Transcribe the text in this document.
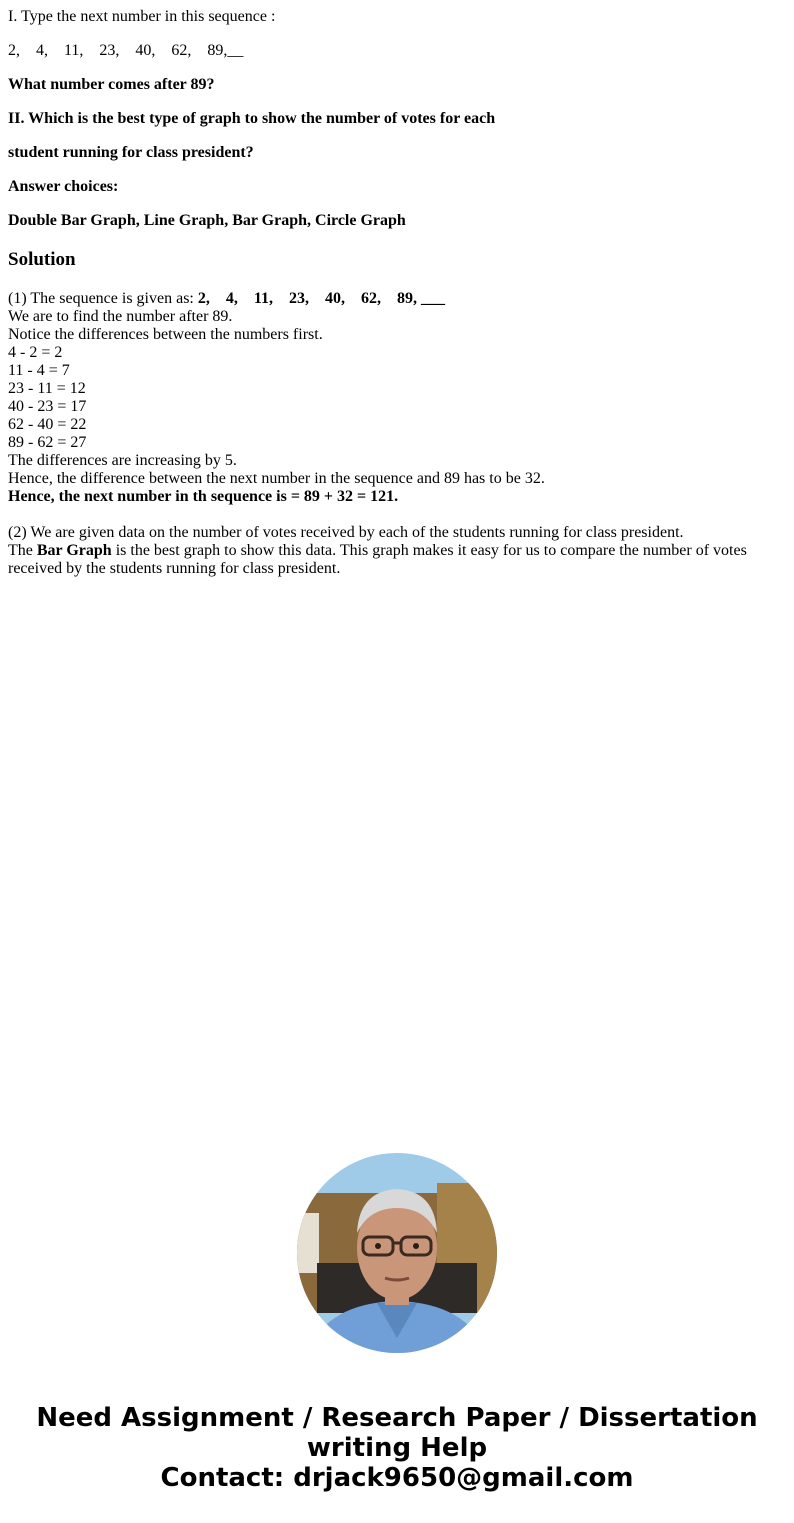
I. Type the next number in this sequence :
2,    4,    11,    23,    40,    62,    89,__
What number comes after 89?
II. Which is the best type of graph to show the number of votes for each
student running for class president?
Answer choices:
Double Bar Graph, Line Graph, Bar Graph, Circle Graph
Solution
(1) The sequence is given as: 2,    4,    11,    23,    40,    62,    89, ___
We are to find the number after 89.
Notice the differences between the numbers first.
4 - 2 = 2
11 - 4 = 7
23 - 11 = 12
40 - 23 = 17
62 - 40 = 22
89 - 62 = 27
The differences are increasing by 5.
Hence, the difference between the next number in the sequence and 89 has to be 32.
Hence, the next number in th sequence is = 89 + 32 = 121.
(2) We are given data on the number of votes received by each of the students running for class president.
The Bar Graph is the best graph to show this data. This graph makes it easy for us to compare the number of votes received by the students running for class president.
Need Assignment / Research Paper / Dissertation
writing Help
Contact: drjack9650@gmail.com
